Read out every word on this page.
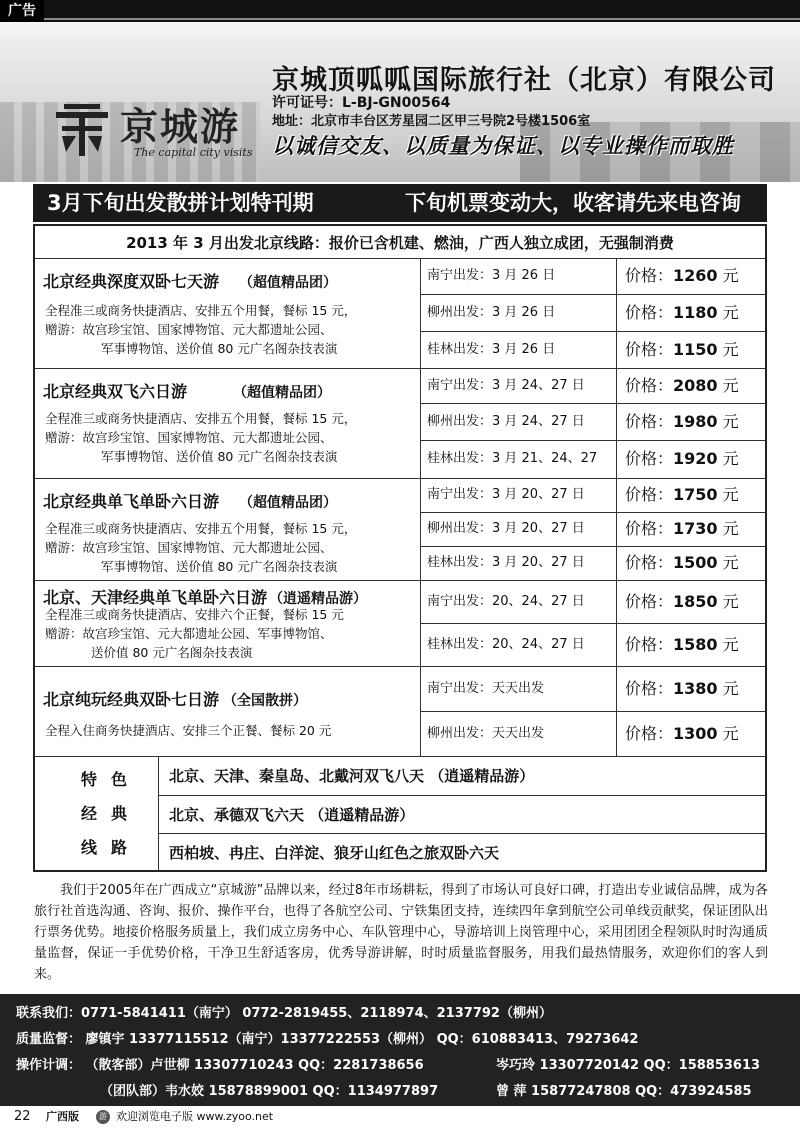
广告
京城游
The capital city visits
京城顶呱呱国际旅行社（北京）有限公司
许可证号：L-BJ-GN00564
地址：北京市丰台区芳星园二区甲三号院2号楼1506室
以诚信交友、以质量为保证、以专业操作而取胜
3月下旬出发散拼计划特刊期	下旬机票变动大，收客请先来电咨询
2013 年 3 月出发北京线路：报价已含机建、燃油，广西人独立成团，无强制消费
北京经典深度双卧七天游 （超值精品团）
全程准三或商务快捷酒店、安排五个用餐，餐标 15 元，
赠游：故宫珍宝馆、国家博物馆、元大都遗址公园、
军事博物馆、送价值 80 元广名阁杂技表演
南宁出发：3 月 26 日	价格：1260 元
柳州出发：3 月 26 日	价格：1180 元
桂林出发：3 月 26 日	价格：1150 元
北京经典双飞六日游	（超值精品团）
全程准三或商务快捷酒店、安排五个用餐，餐标 15 元，
赠游：故宫珍宝馆、国家博物馆、元大都遗址公园、
军事博物馆、送价值 80 元广名阁杂技表演
南宁出发：3 月 24、27 日	价格：2080 元
柳州出发：3 月 24、27 日	价格：1980 元
桂林出发：3 月 21、24、27	价格：1920 元
北京经典单飞单卧六日游 （超值精品团）
全程准三或商务快捷酒店、安排五个用餐，餐标 15 元，
赠游：故宫珍宝馆、国家博物馆、元大都遗址公园、
军事博物馆、送价值 80 元广名阁杂技表演
南宁出发：3 月 20、27 日	价格：1750 元
柳州出发：3 月 20、27 日	价格：1730 元
桂林出发：3 月 20、27 日	价格：1500 元
北京、天津经典单飞单卧六日游 （逍遥精品游）
全程准三或商务快捷酒店、安排六个正餐，餐标 15 元
赠游：故宫珍宝馆、元大都遗址公园、军事博物馆、
送价值 80 元广名阁杂技表演
南宁出发：20、24、27 日	价格：1850 元
桂林出发：20、24、27 日	价格：1580 元
北京纯玩经典双卧七日游 （全国散拼）
全程入住商务快捷酒店、安排三个正餐、餐标 20 元
南宁出发：天天出发	价格：1380 元
柳州出发：天天出发	价格：1300 元
特色
经典
线路
北京、天津、秦皇岛、北戴河双飞八天 （逍遥精品游）
北京、承德双飞六天 （逍遥精品游）
西柏坡、冉庄、白洋淀、狼牙山红色之旅双卧六天
我们于2005年在广西成立“京城游”品牌以来，经过8年市场耕耘，得到了市场认可良好口碑，打造出专业诚信品牌，成为各旅行社首选沟通、咨询、报价、操作平台，也得了各航空公司、宁铁集团支持，连续四年拿到航空公司单线贡献奖，保证团队出行票务优势。地接价格服务质量上，我们成立房务中心、车队管理中心，导游培训上岗管理中心，采用团团全程领队时时沟通质量监督，保证一手优势价格，干净卫生舒适客房，优秀导游讲解，时时质量监督服务，用我们最热情服务，欢迎你们的客人到来。
联系我们：0771-5841411（南宁） 0772-2819455、2118974、2137792（柳州）
质量监督： 廖镇宇 13377115512（南宁）13377222553（柳州） QQ：610883413、79273642
操作计调： （散客部）卢世柳 13307710243 QQ：2281738656	岑巧玲 13307720142 QQ：158853613
（团队部）韦水姣 15878899001 QQ：1134977897	曾 萍 15877247808 QQ：473924585
22 广西版	游 欢迎浏览电子版 www.zyoo.net
